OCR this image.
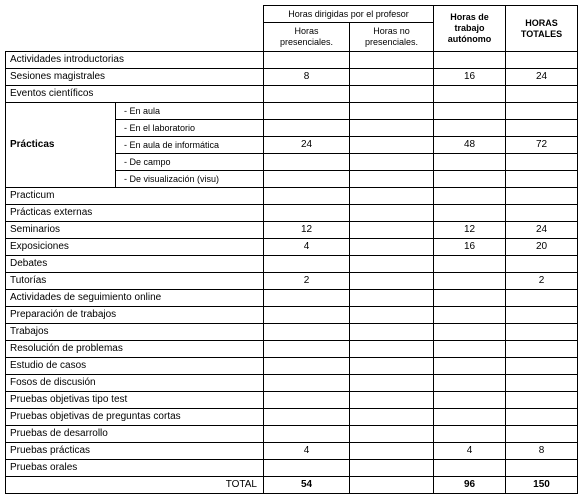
		Horas dirigidas por el profesor		Horas de trabajo autónomo	HORAS TOTALES
		Horas presenciales.	Horas no presenciales.		
Actividades introductorias					
Sesiones magistrales		8		16	24
Eventos científicos					
Prácticas	- En aula				
	- En el laboratorio				
	- En aula de informática	24		48	72
	- De campo				
	- De visualización (visu)				
Practicum					
Prácticas externas					
Seminarios		12		12	24
Exposiciones		4		16	20
Debates					
Tutorías		2			2
Actividades de seguimiento online					
Preparación de trabajos					
Trabajos					
Resolución de problemas					
Estudio de casos					
Fosos de discusión					
Pruebas objetivas tipo test					
Pruebas objetivas de preguntas cortas					
Pruebas de desarrollo					
Pruebas prácticas		4		4	8
Pruebas orales					
TOTAL		54		96	150
